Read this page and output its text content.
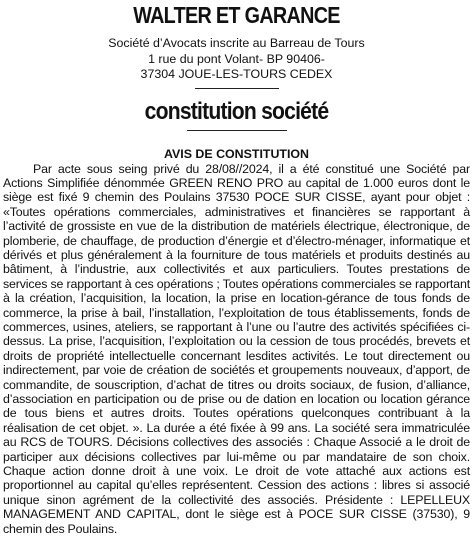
WALTER ET GARANCE
Société d’Avocats inscrite au Barreau de Tours
1 rue du pont Volant- BP 90406-
37304 JOUE-LES-TOURS CEDEX
constitution société
AVIS DE CONSTITUTION

Par acte sous seing privé du 28/08//2024, il a été constitué une Société par Actions Simplifiée dénommée GREEN RENO PRO au capital de 1.000 euros dont le siège est fixé 9 chemin des Poulains 37530 POCE SUR CISSE, ayant pour objet : «Toutes opérations commerciales, administratives et financières se rapportant à l’activité de grossiste en vue de la distribution de matériels électrique, électronique, de plomberie, de chauffage, de production d’énergie et d’électro-ménager, informatique et dérivés et plus généralement à la fourniture de tous matériels et produits destinés au bâtiment, à l’industrie, aux collectivités et aux particuliers. Toutes prestations de services se rapportant à ces opérations ; Toutes opérations commerciales se rapportant à la création, l’acquisition, la location, la prise en location-gérance de tous fonds de commerce, la prise à bail, l’installation, l’exploitation de tous établissements, fonds de commerces, usines, ateliers, se rapportant à l’une ou l’autre des activités spécifiées ci-dessus. La prise, l’acquisition, l’exploitation ou la cession de tous procédés, brevets et droits de propriété intellectuelle concernant lesdites activités. Le tout directement ou indirectement, par voie de création de sociétés et groupements nouveaux, d’apport, de commandite, de souscription, d’achat de titres ou droits sociaux, de fusion, d’alliance, d’association en participation ou de prise ou de dation en location ou location gérance de tous biens et autres droits. Toutes opérations quelconques contribuant à la réalisation de cet objet. ». La durée a été fixée à 99 ans. La société sera immatriculée au RCS de TOURS. Décisions collectives des associés : Chaque Associé a le droit de participer aux décisions collectives par lui-même ou par mandataire de son choix. Chaque action donne droit à une voix. Le droit de vote attaché aux actions est proportionnel au capital qu’elles représentent. Cession des actions : libres si associé unique sinon agrément de la collectivité des associés. Présidente : LEPELLEUX MANAGEMENT AND CAPITAL, dont le siège est à POCE SUR CISSE (37530), 9 chemin des Poulains.
